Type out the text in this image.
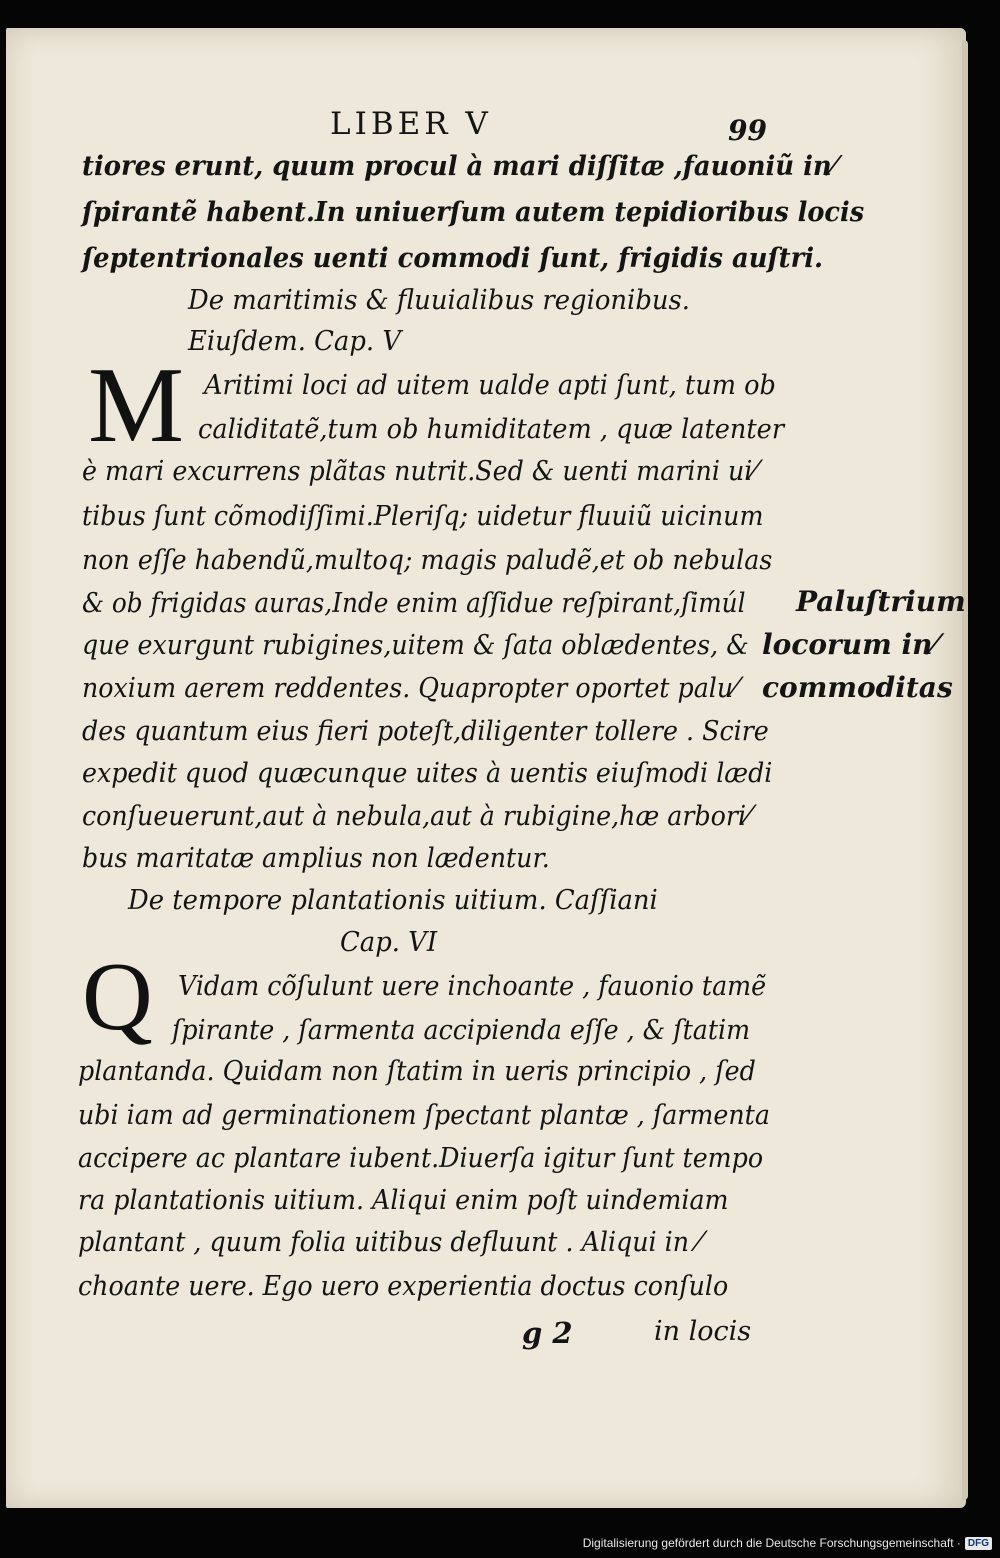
LIBER V	99
tiores erunt, quum procul à mari diſſitæ ,fauoniũ in⁄
ſpirantẽ habent.In uniuerſum autem tepidioribus locis
ſeptentrionales uenti commodi ſunt, frigidis auſtri.
De maritimis & fluuialibus regionibus.
Eiuſdem. Cap. V
M Aritimi loci ad uitem ualde apti ſunt, tum ob
caliditatẽ,tum ob humiditatem , quæ latenter
è mari excurrens plãtas nutrit.Sed & uenti marini ui⁄
tibus ſunt cõmodiſſimi.Pleriſq; uidetur fluuiũ uicinum
non eſſe habendũ,multoq; magis paludẽ,et ob nebulas
& ob frigidas auras,Inde enim aſſidue reſpirant,ſimúl
que exurgunt rubigines,uitem & ſata oblædentes, &
noxium aerem reddentes. Quapropter oportet palu⁄
des quantum eius fieri poteſt,diligenter tollere . Scire
expedit quod quæcunque uites à uentis eiuſmodi lædi
conſueuerunt,aut à nebula,aut à rubigine,hæ arbori⁄
bus maritatæ amplius non lædentur.
De tempore plantationis uitium. Caſſiani
Cap. VI
Q Vidam cõſulunt uere inchoante , fauonio tamẽ
ſpirante , ſarmenta accipienda eſſe , & ſtatim
plantanda. Quidam non ſtatim in ueris principio , ſed
ubi iam ad germinationem ſpectant plantæ , ſarmenta
accipere ac plantare iubent.Diuerſa igitur ſunt tempo
ra plantationis uitium. Aliqui enim poſt uindemiam
plantant , quum folia uitibus defluunt . Aliqui in ⁄
choante uere. Ego uero experientia doctus conſulo
Paluſtrium
locorum in⁄
commoditas
g 2	in locis
Digitalisierung gefördert durch die Deutsche Forschungsgemeinschaft · DFG
